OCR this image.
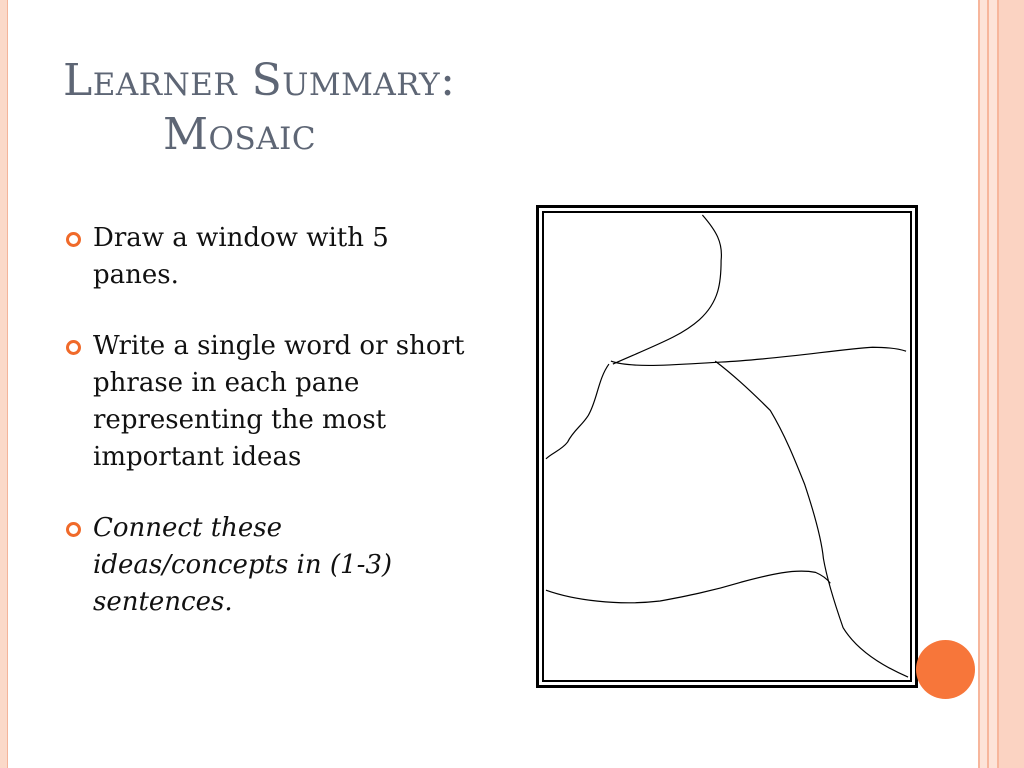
Learner Summary:
Mosaic
Draw a window with 5 panes.
Write a single word or short phrase in each pane representing the most important ideas
Connect these ideas/concepts in (1-3) sentences.
